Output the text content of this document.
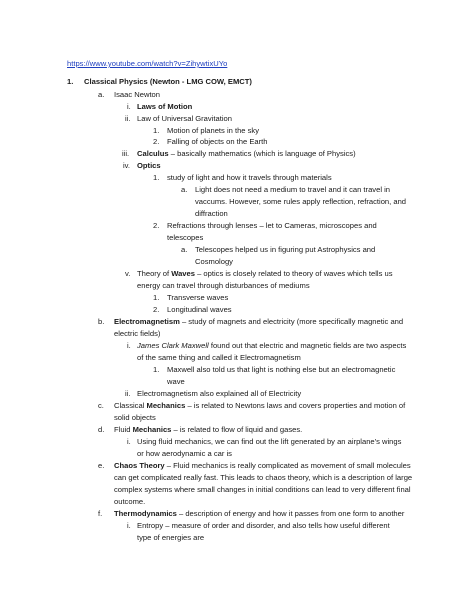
https://www.youtube.com/watch?v=ZihywtixUYo
1. Classical Physics (Newton - LMG COW, EMCT)
a. Isaac Newton
i. Laws of Motion
ii. Law of Universal Gravitation
1. Motion of planets in the sky
2. Falling of objects on the Earth
iii. Calculus – basically mathematics (which is language of Physics)
iv. Optics
1. study of light and how it travels through materials
a. Light does not need a medium to travel and it can travel in
vaccums. However, some rules apply reflection, refraction, and
diffraction
2. Refractions through lenses – let to Cameras, microscopes and
telescopes
a. Telescopes helped us in figuring put Astrophysics and
Cosmology
v. Theory of Waves – optics is closely related to theory of waves which tells us
energy can travel through disturbances of mediums
1. Transverse waves
2. Longitudinal waves
b. Electromagnetism – study of magnets and electricity (more specifically magnetic and
electric fields)
i. James Clark Maxwell found out that electric and magnetic fields are two aspects
of the same thing and called it Electromagnetism
1. Maxwell also told us that light is nothing else but an electromagnetic
wave
ii. Electromagnetism also explained all of Electricity
c. Classical Mechanics – is related to Newtons laws and covers properties and motion of
solid objects
d. Fluid Mechanics – is related to flow of liquid and gases.
i. Using fluid mechanics, we can find out the lift generated by an airplane's wings
or how aerodynamic a car is
e. Chaos Theory – Fluid mechanics is really complicated as movement of small molecules
can get complicated really fast. This leads to chaos theory, which is a description of large
complex systems where small changes in initial conditions can lead to very different final
outcome.
f. Thermodynamics – description of energy and how it passes from one form to another
i. Entropy – measure of order and disorder, and also tells how useful different
type of energies are
